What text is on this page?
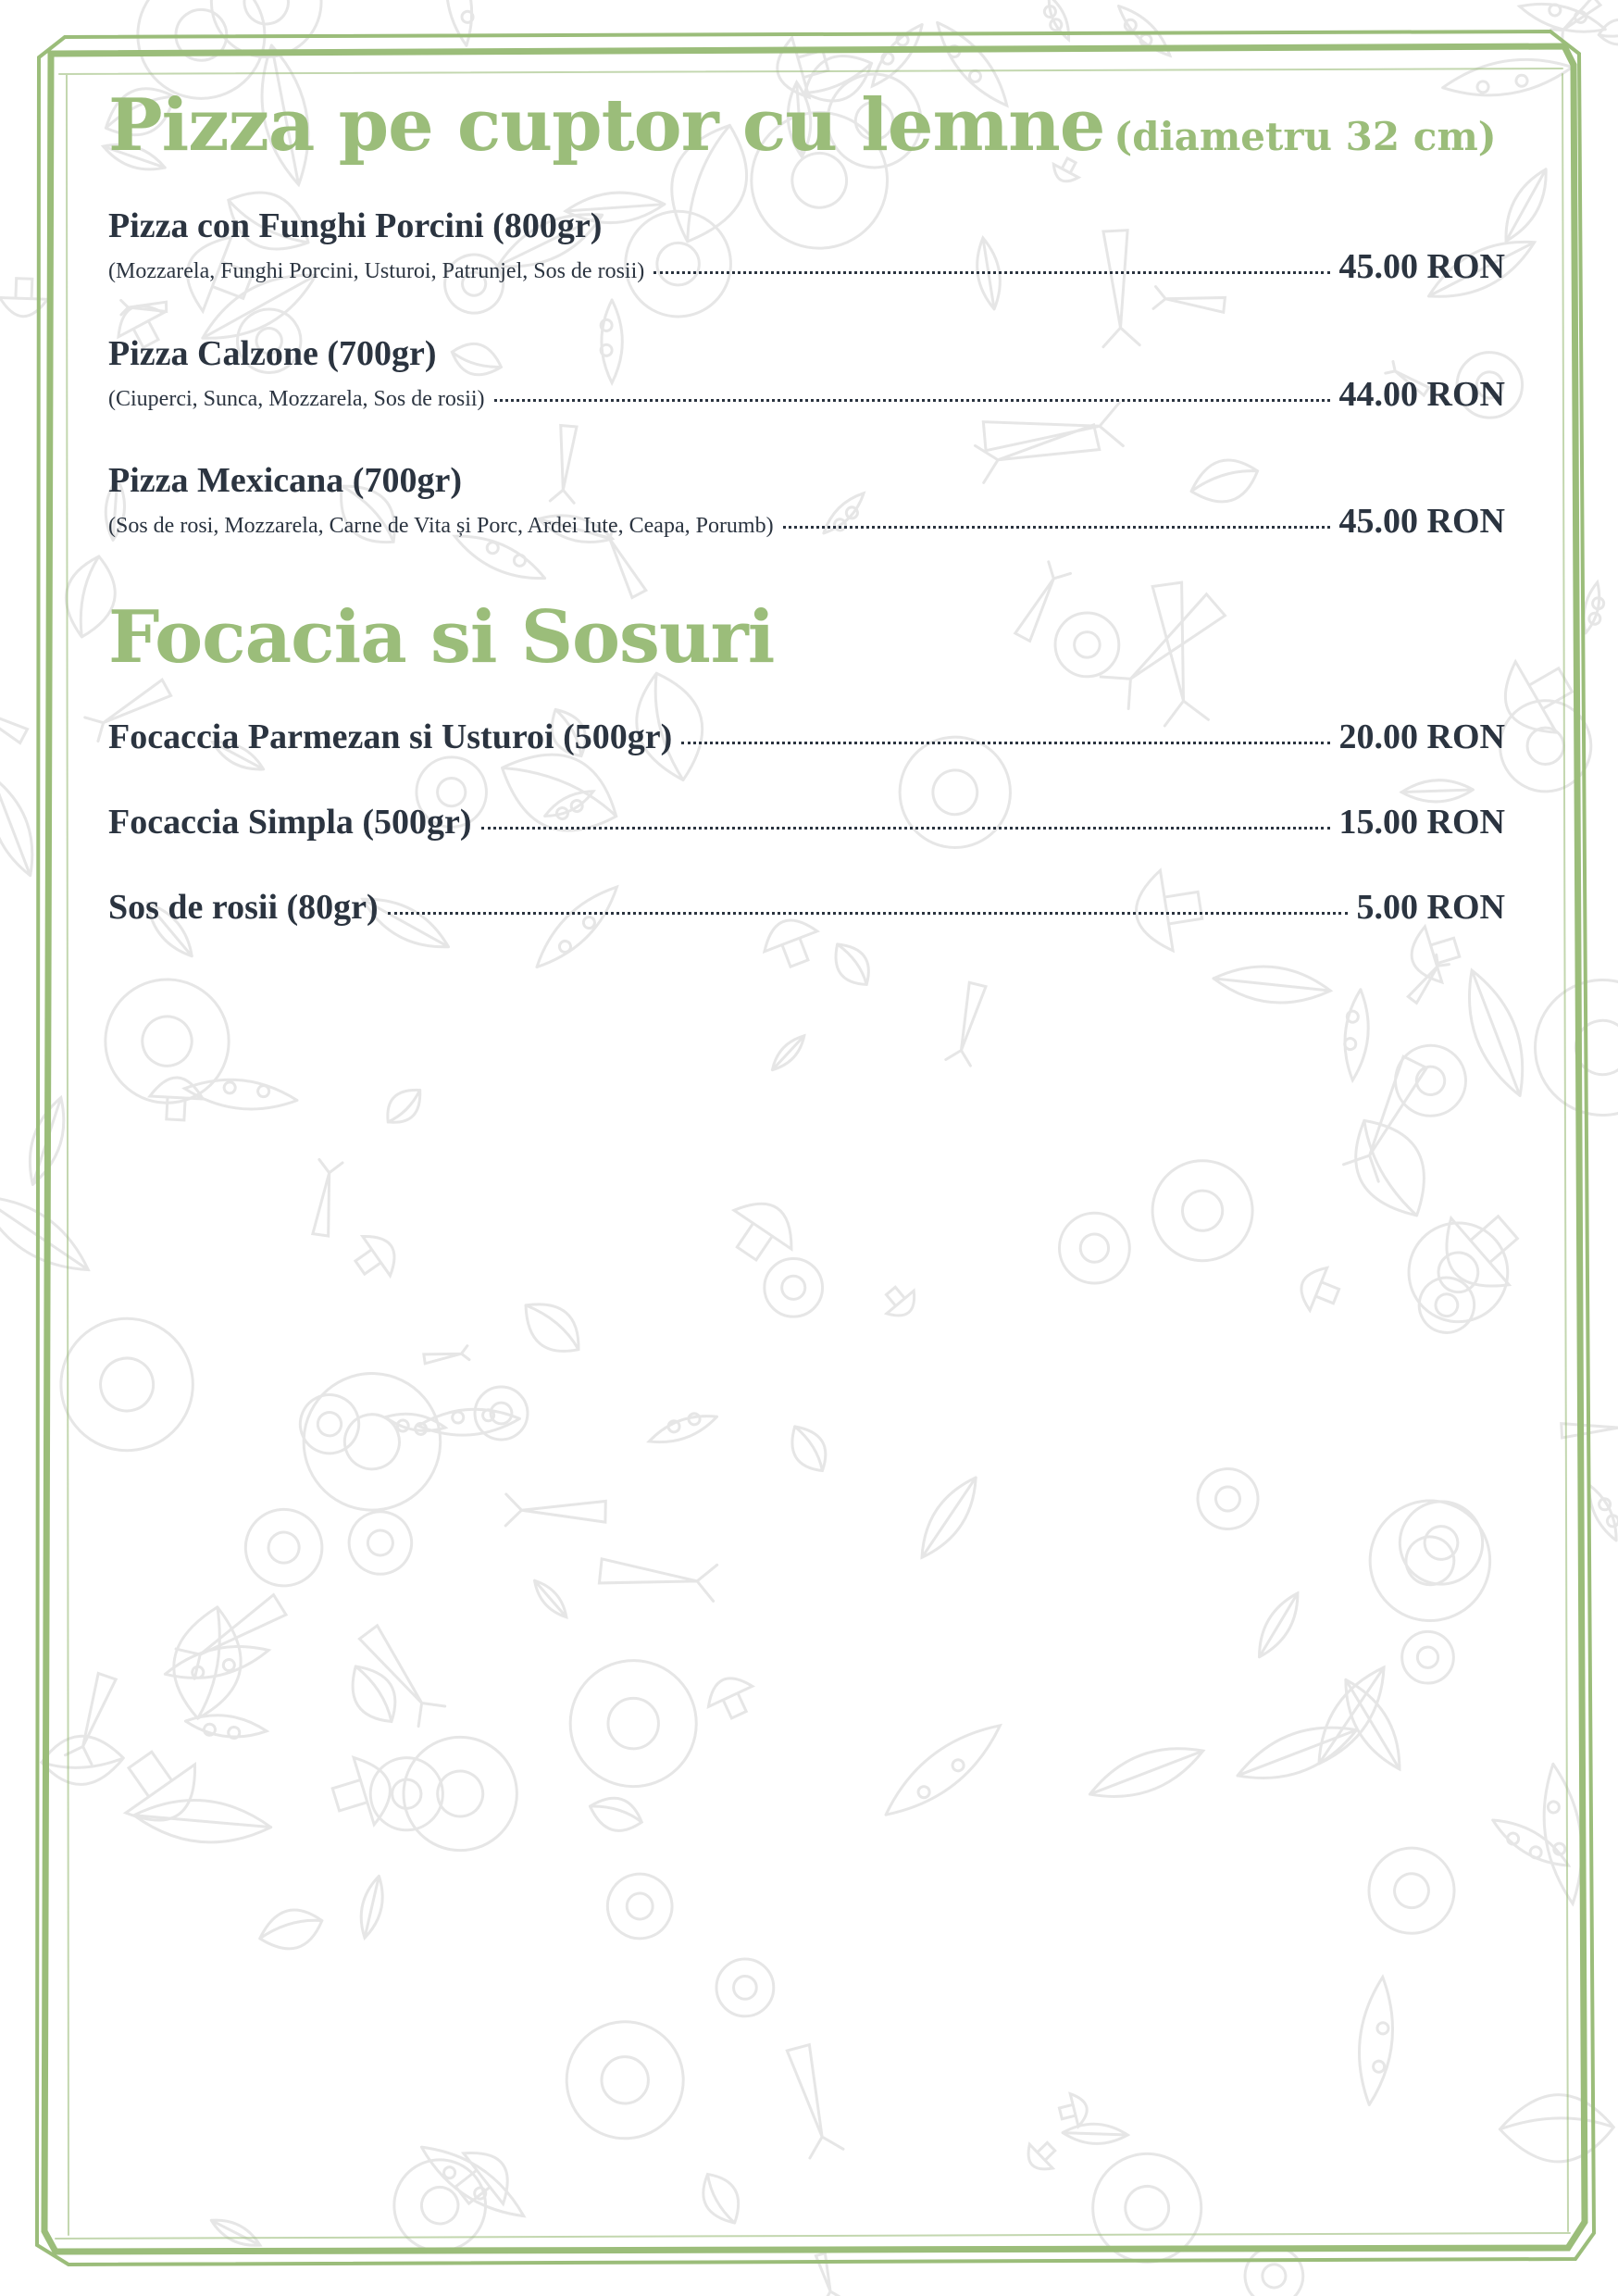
Pizza pe cuptor cu lemne (diametru 32 cm)
Pizza con Funghi Porcini (800gr)
(Mozzarela, Funghi Porcini, Usturoi, Patrunjel, Sos de rosii)	45.00 RON
Pizza Calzone (700gr)
(Ciuperci, Sunca, Mozzarela, Sos de rosii)	44.00 RON
Pizza Mexicana (700gr)
(Sos de rosi, Mozzarela, Carne de Vita și Porc, Ardei Iute, Ceapa, Porumb)	45.00 RON
Focacia si Sosuri
Focaccia Parmezan si Usturoi (500gr)	20.00 RON
Focaccia Simpla (500gr)	15.00 RON
Sos de rosii (80gr)	5.00 RON
